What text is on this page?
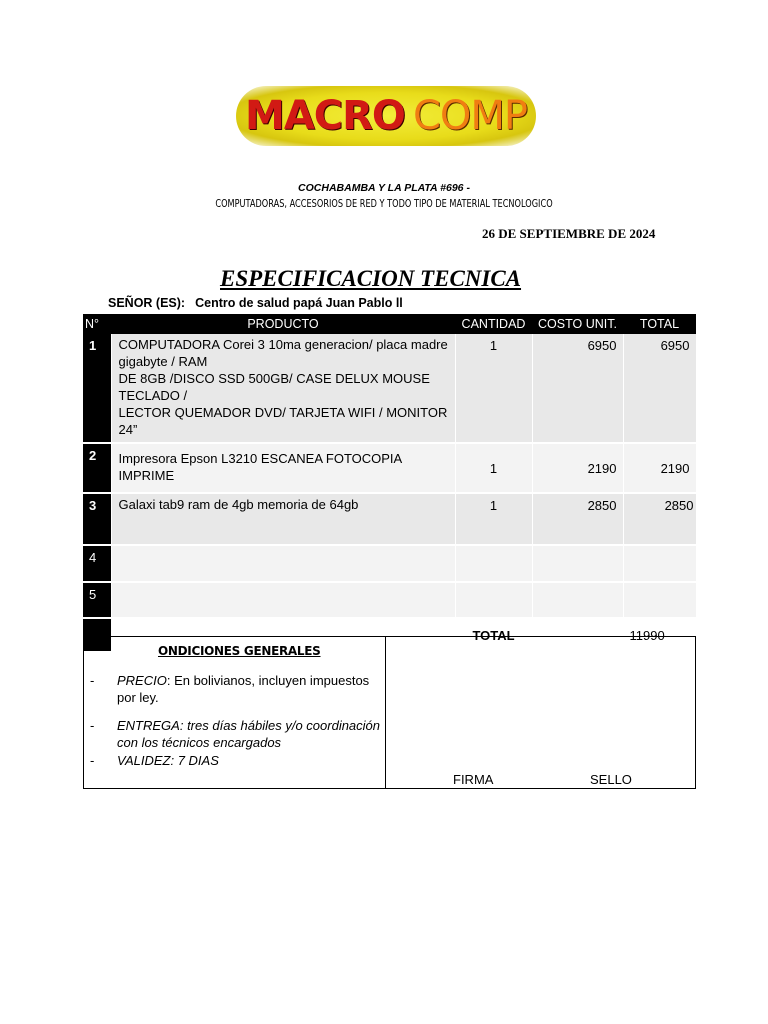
MACRO COMP
COCHABAMBA Y LA PLATA #696 -
COMPUTADORAS, ACCESORIOS DE RED Y TODO TIPO DE MATERIAL TECNOLOGICO
26 DE SEPTIEMBRE DE 2024
ESPECIFICACION TECNICA
SEÑOR (ES): Centro de salud papá Juan Pablo ll
N°	PRODUCTO	CANTIDAD	COSTO UNIT.	TOTAL
1	COMPUTADORA Corei 3 10ma generacion/ placa madre gigabyte / RAM
DE 8GB /DISCO SSD 500GB/ CASE DELUX MOUSE TECLADO /
LECTOR QUEMADOR DVD/ TARJETA WIFI / MONITOR 24”	1	6950	6950
2	Impresora Epson L3210 ESCANEA FOTOCOPIA IMPRIME	1	2190	2190
3	Galaxi tab9 ram de 4gb memoria de 64gb	1	2850	2850
4				
5				
		TOTAL		11990
ONDICIONES GENERALES
- PRECIO: En bolivianos, incluyen impuestos por ley.
- ENTREGA: tres días hábiles y/o coordinación con los técnicos encargados
- VALIDEZ: 7 DIAS
FIRMA	SELLO
